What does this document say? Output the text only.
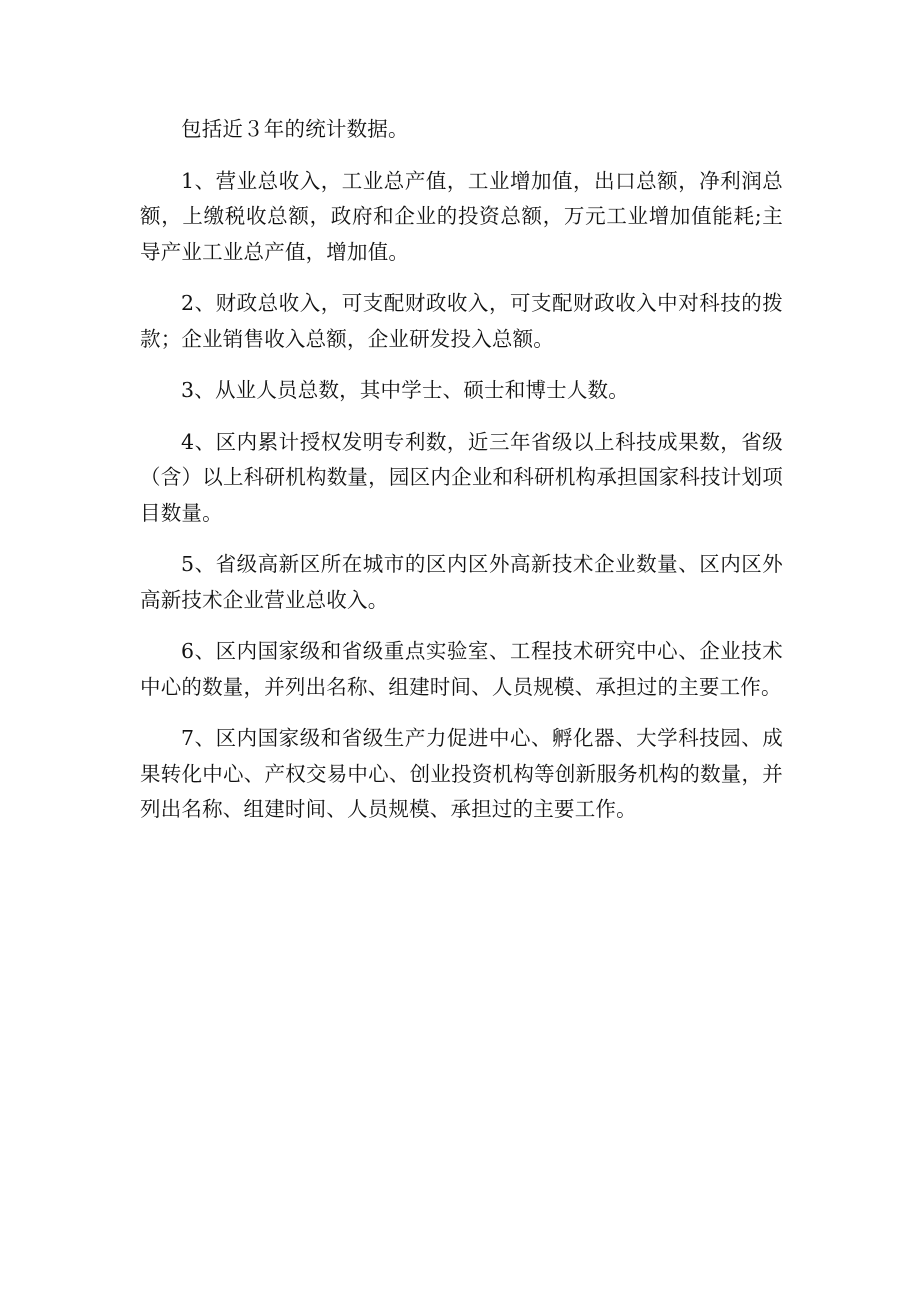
包括近３年的统计数据。

1、营业总收入，工业总产值，工业增加值，出口总额，净利润总额，上缴税收总额，政府和企业的投资总额，万元工业增加值能耗;主导产业工业总产值，增加值。

2、财政总收入，可支配财政收入，可支配财政收入中对科技的拨款；企业销售收入总额，企业研发投入总额。

3、从业人员总数，其中学士、硕士和博士人数。

4、区内累计授权发明专利数，近三年省级以上科技成果数，省级（含）以上科研机构数量，园区内企业和科研机构承担国家科技计划项目数量。

5、省级高新区所在城市的区内区外高新技术企业数量、区内区外高新技术企业营业总收入。

6、区内国家级和省级重点实验室、工程技术研究中心、企业技术中心的数量，并列出名称、组建时间、人员规模、承担过的主要工作。

7、区内国家级和省级生产力促进中心、孵化器、大学科技园、成果转化中心、产权交易中心、创业投资机构等创新服务机构的数量，并列出名称、组建时间、人员规模、承担过的主要工作。
